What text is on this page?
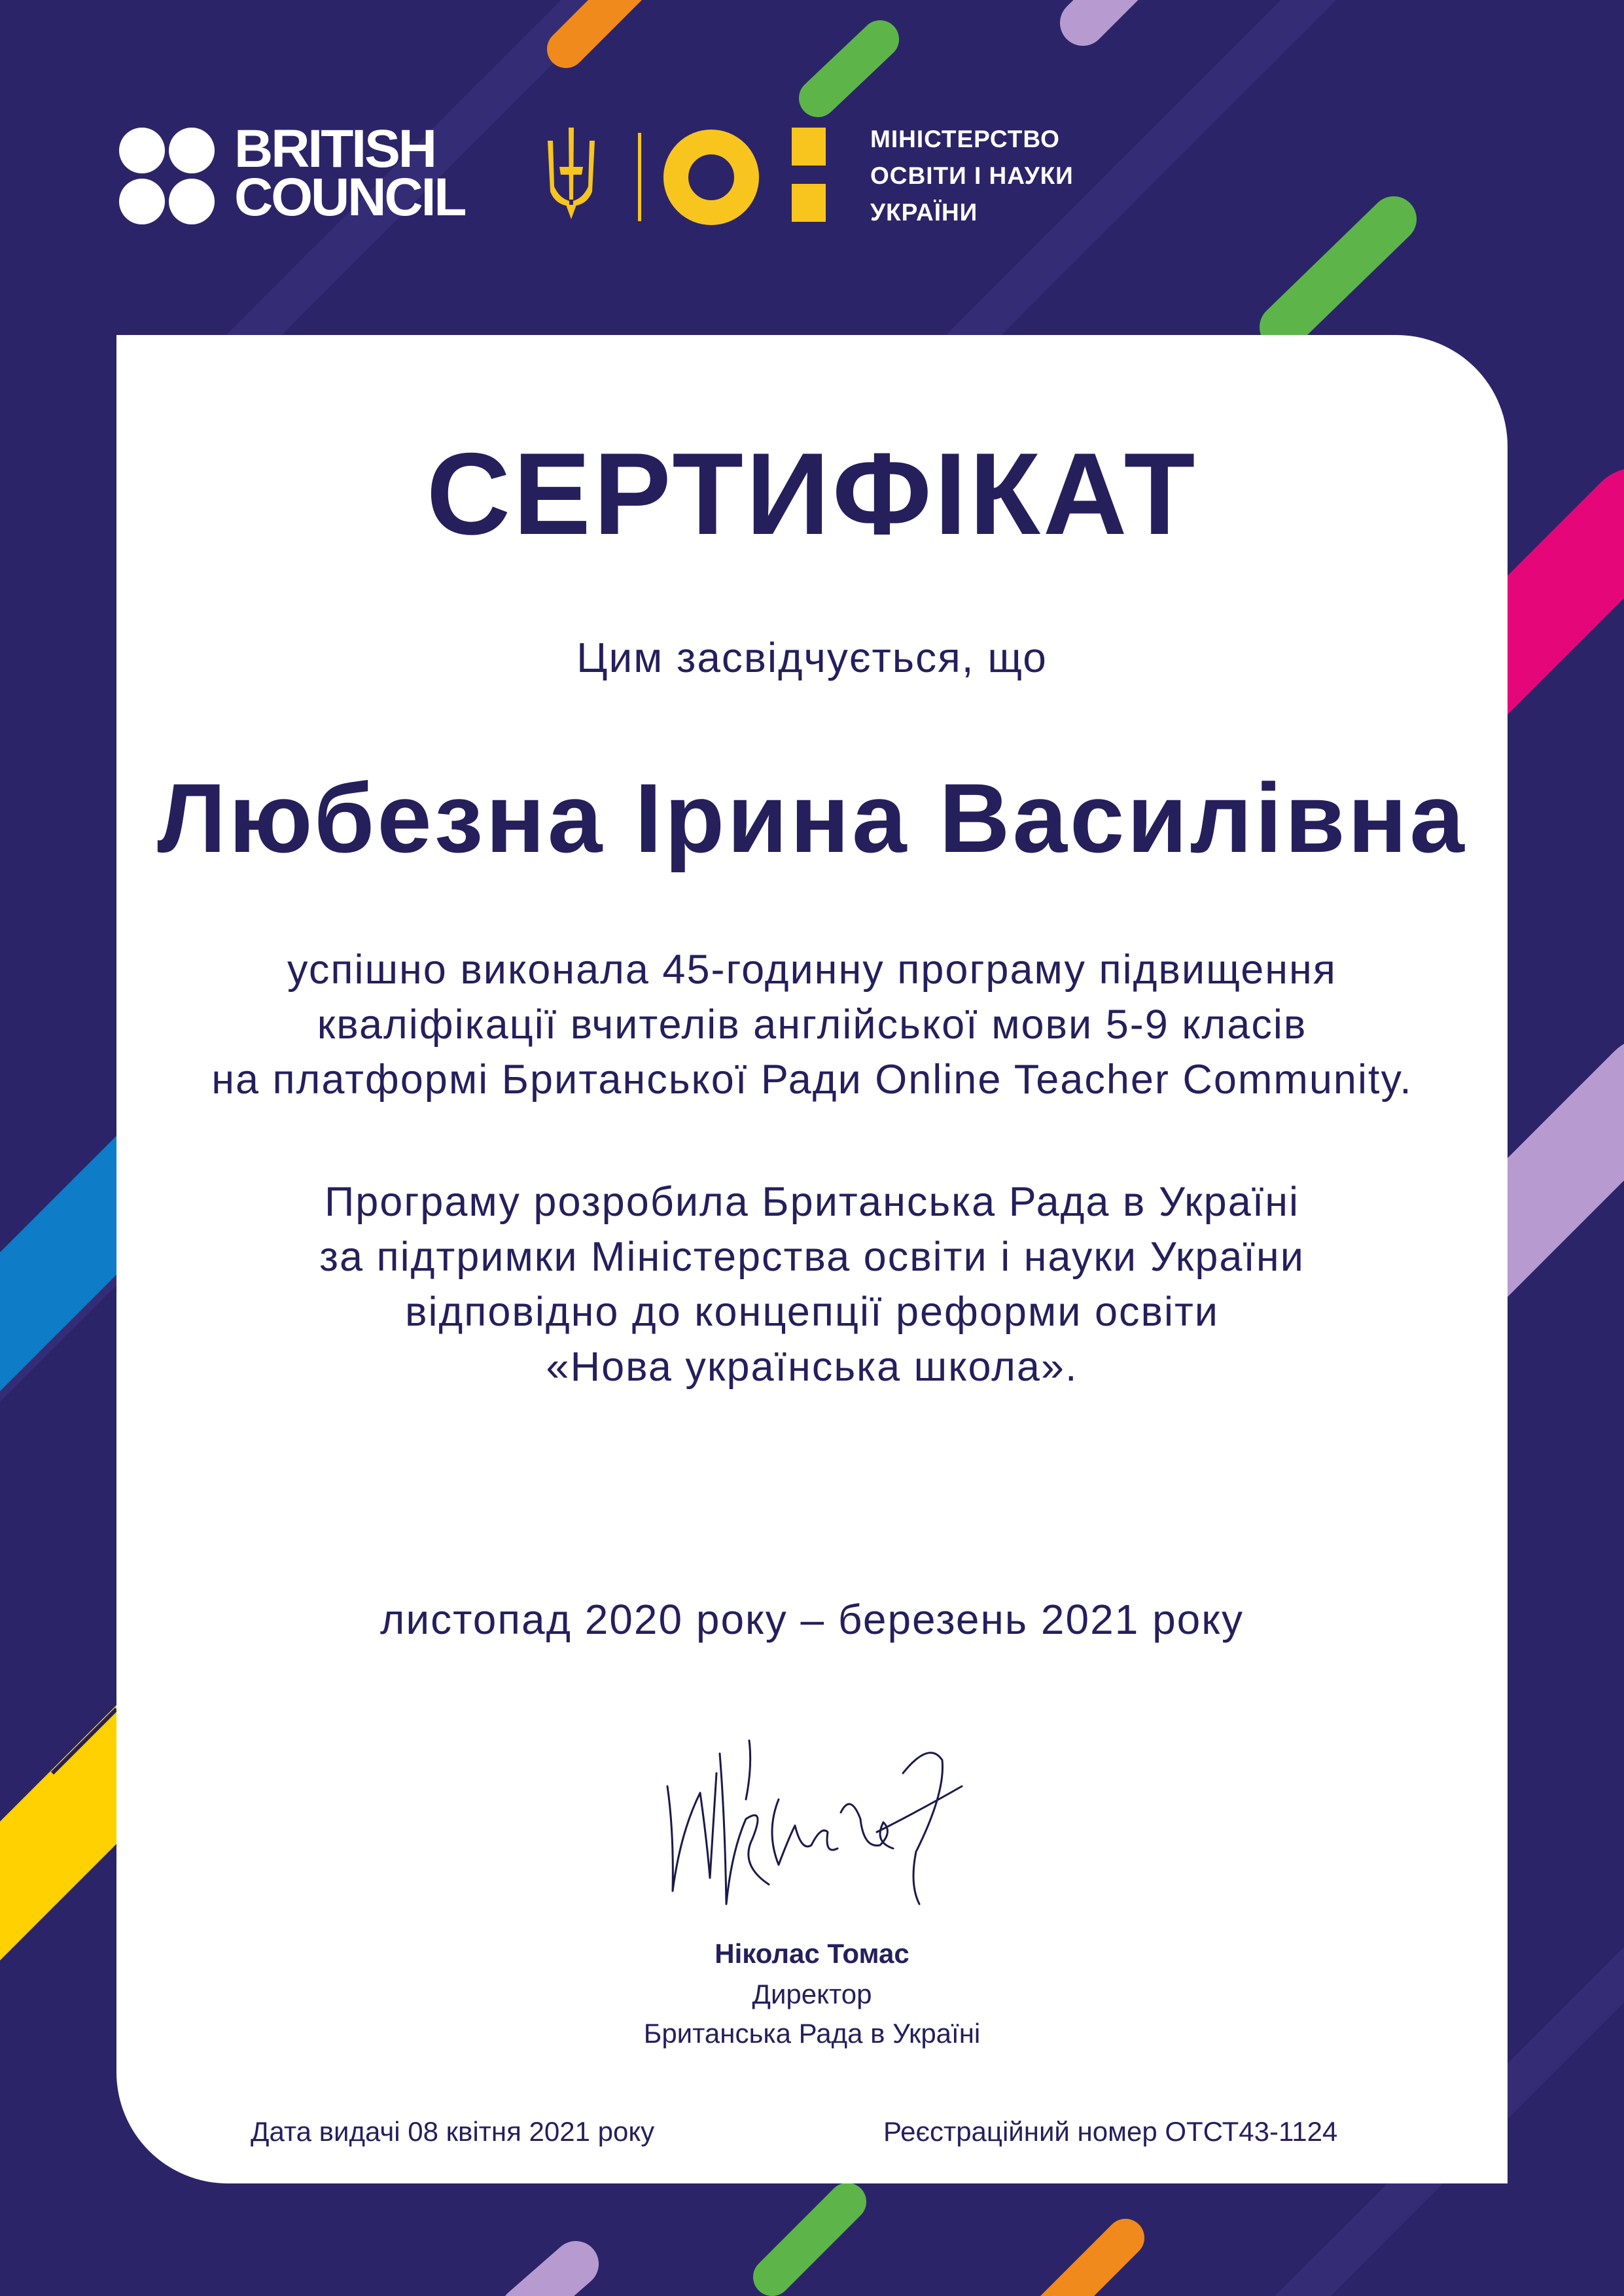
BRITISH
COUNCIL
МІНІСТЕРСТВО
ОСВІТИ І НАУКИ
УКРАЇНИ
СЕРТИФІКАТ
Цим засвідчується, що
Любезна Ірина Василівна
успішно виконала 45-годинну програму підвищення
кваліфікації вчителів англійської мови 5-9 класів
на платформі Британської Ради Online Teacher Community.
Програму розробила Британська Рада в Україні
за підтримки Міністерства освіти і науки України
відповідно до концепції реформи освіти
«Нова українська школа».
листопад 2020 року – березень 2021 року
Ніколас Томас
Директор
Британська Рада в Україні
Дата видачі 08 квітня 2021 року	Реєстраційний номер ОТСТ43-1124
